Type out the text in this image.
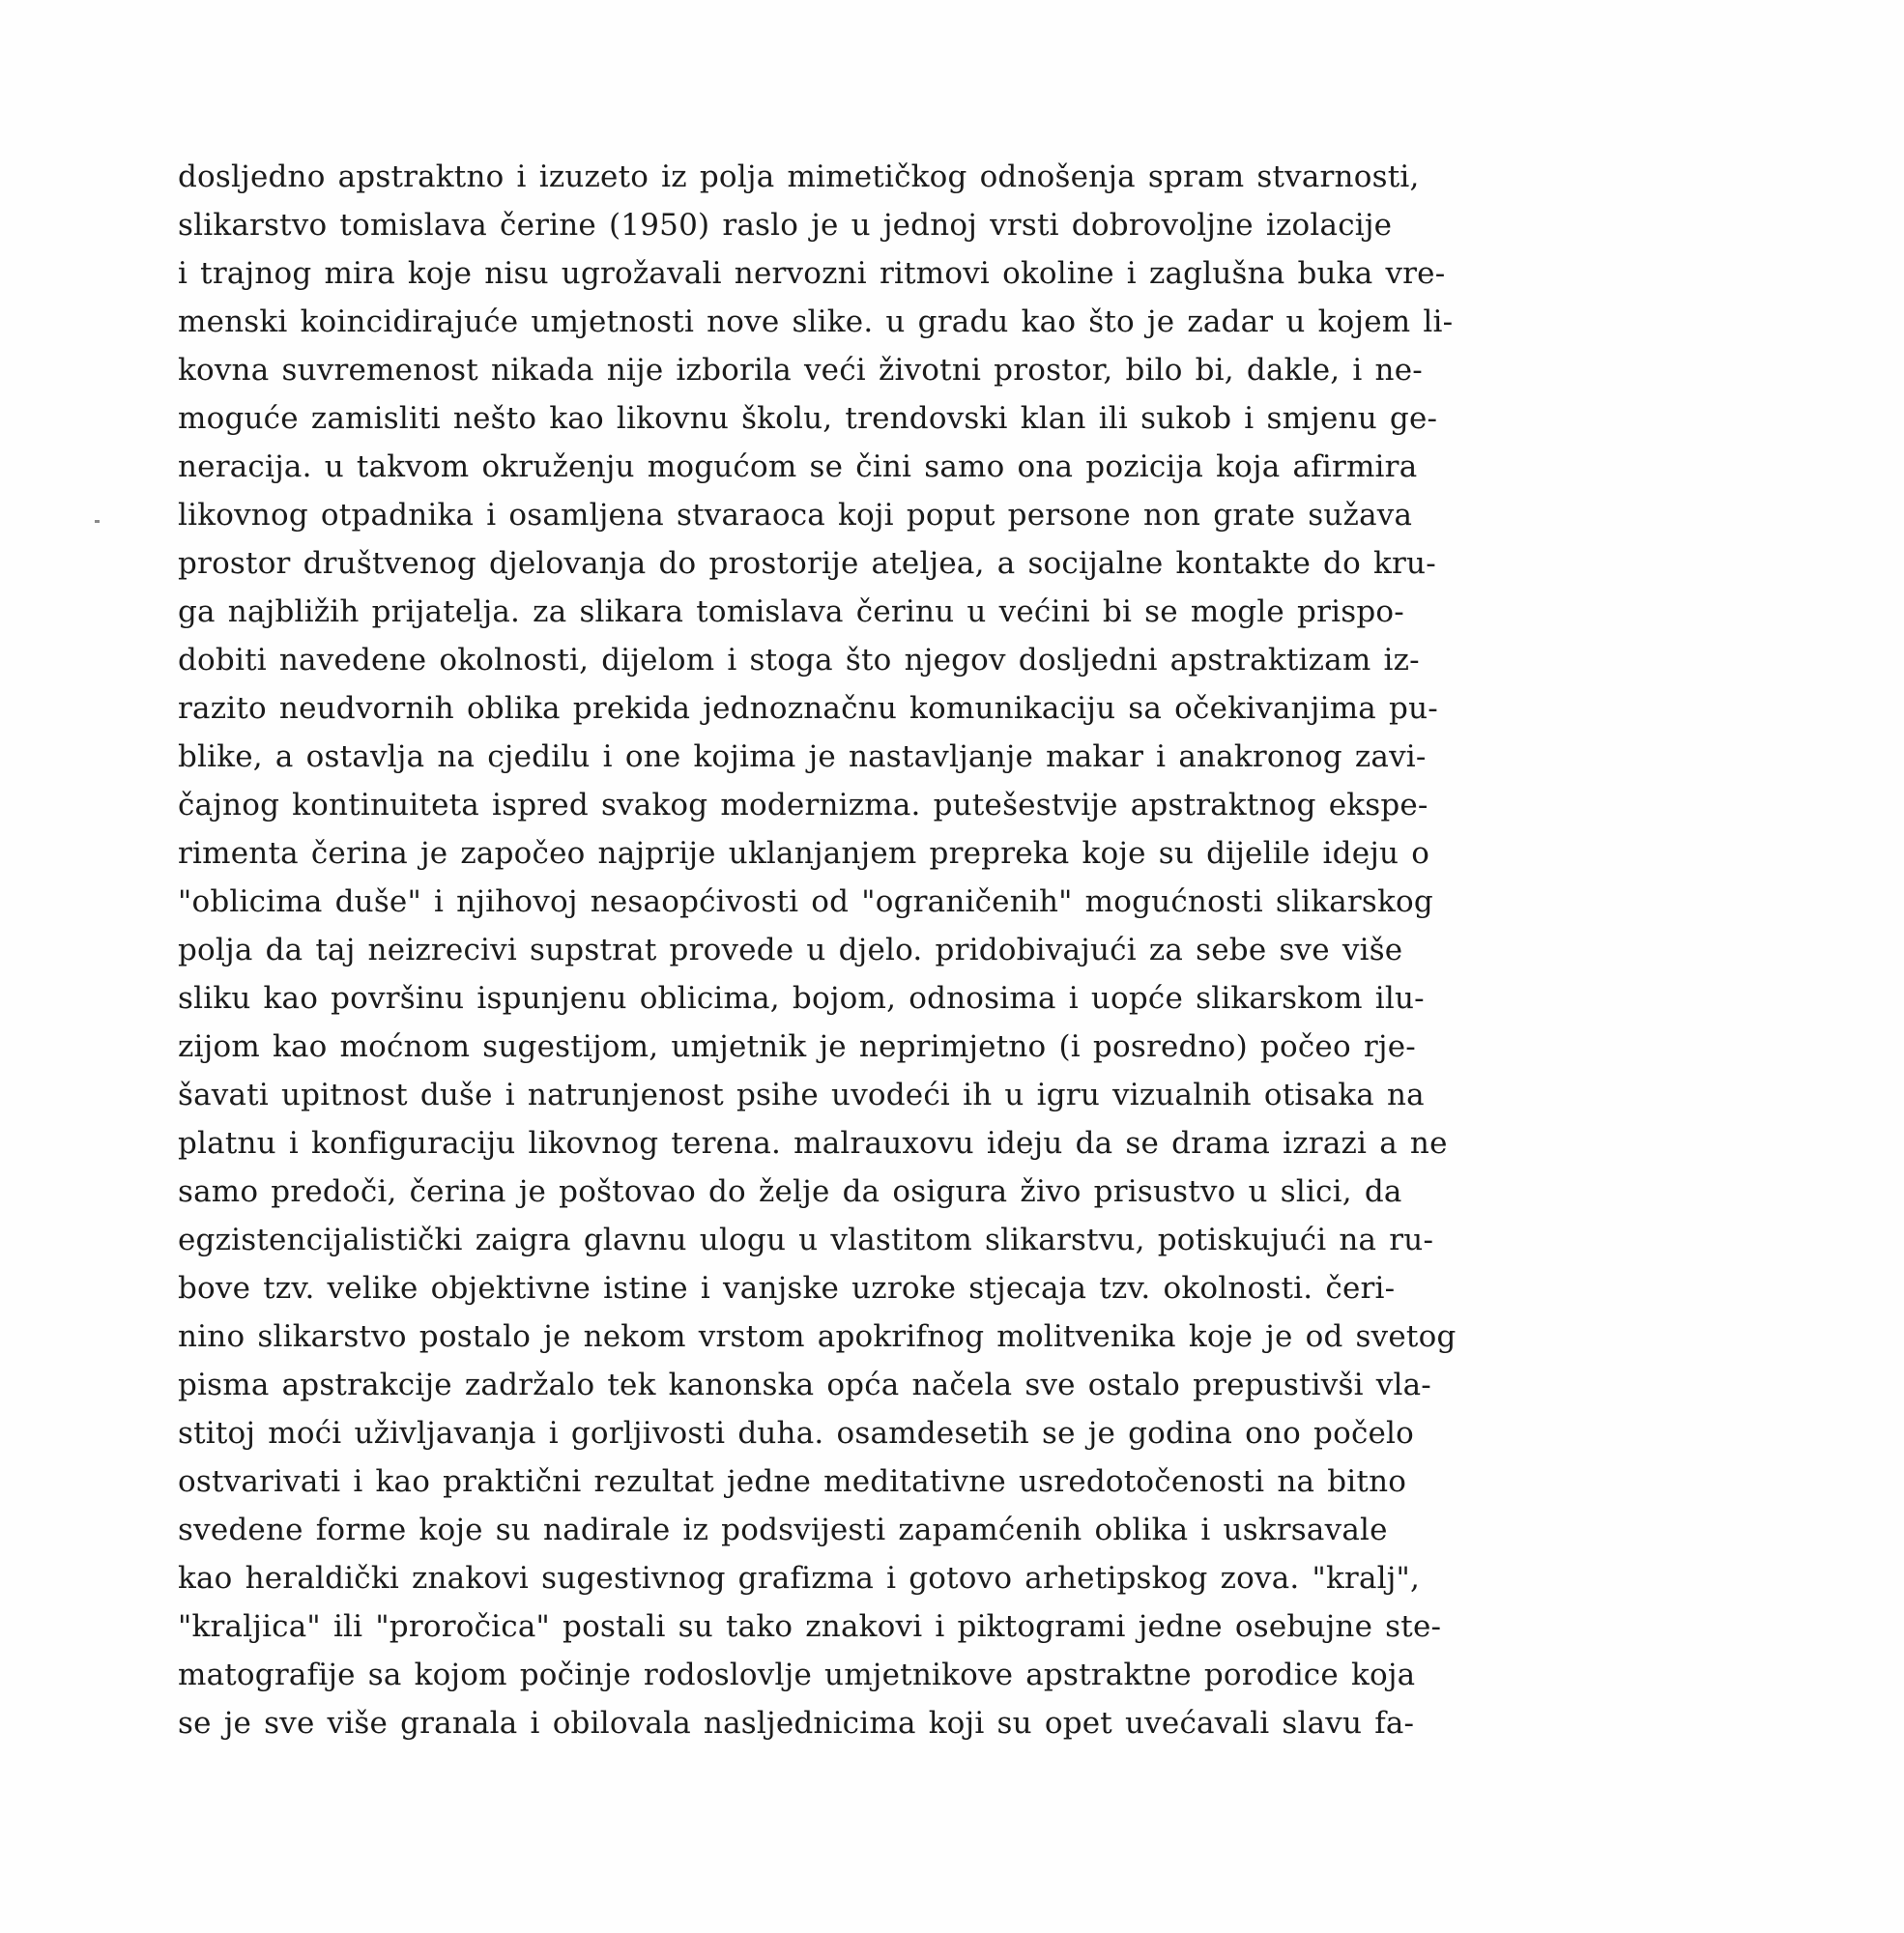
dosljedno apstraktno i izuzeto iz polja mimetičkog odnošenja spram stvarnosti,
slikarstvo tomislava čerine (1950) raslo je u jednoj vrsti dobrovoljne izolacije
i trajnog mira koje nisu ugrožavali nervozni ritmovi okoline i zaglušna buka vre-
menski koincidirajuće umjetnosti nove slike. u gradu kao što je zadar u kojem li-
kovna suvremenost nikada nije izborila veći životni prostor, bilo bi, dakle, i ne-
moguće zamisliti nešto kao likovnu školu, trendovski klan ili sukob i smjenu ge-
neracija. u takvom okruženju mogućom se čini samo ona pozicija koja afirmira
likovnog otpadnika i osamljena stvaraoca koji poput persone non grate sužava
prostor društvenog djelovanja do prostorije ateljea, a socijalne kontakte do kru-
ga najbližih prijatelja. za slikara tomislava čerinu u većini bi se mogle prispo-
dobiti navedene okolnosti, dijelom i stoga što njegov dosljedni apstraktizam iz-
razito neudvornih oblika prekida jednoznačnu komunikaciju sa očekivanjima pu-
blike, a ostavlja na cjedilu i one kojima je nastavljanje makar i anakronog zavi-
čajnog kontinuiteta ispred svakog modernizma. putešestvije apstraktnog ekspe-
rimenta čerina je započeo najprije uklanjanjem prepreka koje su dijelile ideju o
"oblicima duše" i njihovoj nesaopćivosti od "ograničenih" mogućnosti slikarskog
polja da taj neizrecivi supstrat provede u djelo. pridobivajući za sebe sve više
sliku kao površinu ispunjenu oblicima, bojom, odnosima i uopće slikarskom ilu-
zijom kao moćnom sugestijom, umjetnik je neprimjetno (i posredno) počeo rje-
šavati upitnost duše i natrunjenost psihe uvodeći ih u igru vizualnih otisaka na
platnu i konfiguraciju likovnog terena. malrauxovu ideju da se drama izrazi a ne
samo predoči, čerina je poštovao do želje da osigura živo prisustvo u slici, da
egzistencijalistički zaigra glavnu ulogu u vlastitom slikarstvu, potiskujući na ru-
bove tzv. velike objektivne istine i vanjske uzroke stjecaja tzv. okolnosti. čeri-
nino slikarstvo postalo je nekom vrstom apokrifnog molitvenika koje je od svetog
pisma apstrakcije zadržalo tek kanonska opća načela sve ostalo prepustivši vla-
stitoj moći uživljavanja i gorljivosti duha. osamdesetih se je godina ono počelo
ostvarivati i kao praktični rezultat jedne meditativne usredotočenosti na bitno
svedene forme koje su nadirale iz podsvijesti zapamćenih oblika i uskrsavale
kao heraldički znakovi sugestivnog grafizma i gotovo arhetipskog zova. "kralj",
"kraljica" ili "proročica" postali su tako znakovi i piktogrami jedne osebujne ste-
matografije sa kojom počinje rodoslovlje umjetnikove apstraktne porodice koja
se je sve više granala i obilovala nasljednicima koji su opet uvećavali slavu fa-
